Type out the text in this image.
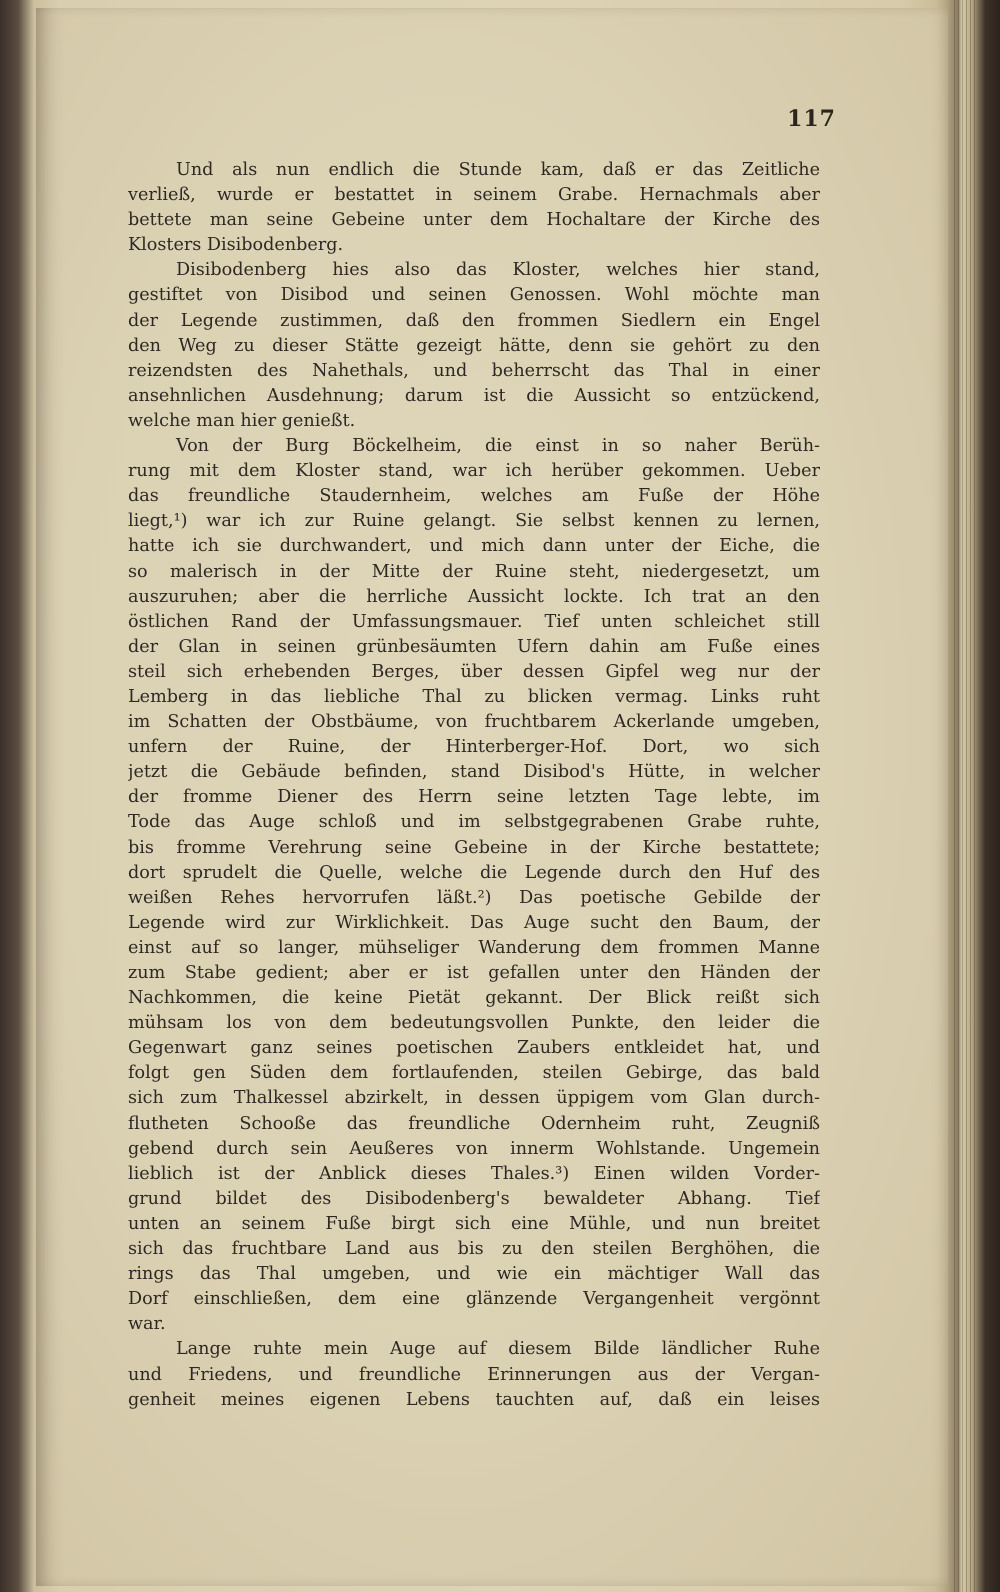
117
Und als nun endlich die Stunde kam, daß er das Zeitliche
verließ, wurde er bestattet in seinem Grabe. Hernachmals aber
bettete man seine Gebeine unter dem Hochaltare der Kirche des
Klosters Disibodenberg.
Disibodenberg hies also das Kloster, welches hier stand,
gestiftet von Disibod und seinen Genossen. Wohl möchte man
der Legende zustimmen, daß den frommen Siedlern ein Engel
den Weg zu dieser Stätte gezeigt hätte, denn sie gehört zu den
reizendsten des Nahethals, und beherrscht das Thal in einer
ansehnlichen Ausdehnung; darum ist die Aussicht so entzückend,
welche man hier genießt.
Von der Burg Böckelheim, die einst in so naher Berüh-
rung mit dem Kloster stand, war ich herüber gekommen. Ueber
das freundliche Staudernheim, welches am Fuße der Höhe
liegt,¹) war ich zur Ruine gelangt. Sie selbst kennen zu lernen,
hatte ich sie durchwandert, und mich dann unter der Eiche, die
so malerisch in der Mitte der Ruine steht, niedergesetzt, um
auszuruhen; aber die herrliche Aussicht lockte. Ich trat an den
östlichen Rand der Umfassungsmauer. Tief unten schleichet still
der Glan in seinen grünbesäumten Ufern dahin am Fuße eines
steil sich erhebenden Berges, über dessen Gipfel weg nur der
Lemberg in das liebliche Thal zu blicken vermag. Links ruht
im Schatten der Obstbäume, von fruchtbarem Ackerlande umgeben,
unfern der Ruine, der Hinterberger-Hof. Dort, wo sich
jetzt die Gebäude befinden, stand Disibod's Hütte, in welcher
der fromme Diener des Herrn seine letzten Tage lebte, im
Tode das Auge schloß und im selbstgegrabenen Grabe ruhte,
bis fromme Verehrung seine Gebeine in der Kirche bestattete;
dort sprudelt die Quelle, welche die Legende durch den Huf des
weißen Rehes hervorrufen läßt.²) Das poetische Gebilde der
Legende wird zur Wirklichkeit. Das Auge sucht den Baum, der
einst auf so langer, mühseliger Wanderung dem frommen Manne
zum Stabe gedient; aber er ist gefallen unter den Händen der
Nachkommen, die keine Pietät gekannt. Der Blick reißt sich
mühsam los von dem bedeutungsvollen Punkte, den leider die
Gegenwart ganz seines poetischen Zaubers entkleidet hat, und
folgt gen Süden dem fortlaufenden, steilen Gebirge, das bald
sich zum Thalkessel abzirkelt, in dessen üppigem vom Glan durch-
flutheten Schooße das freundliche Odernheim ruht, Zeugniß
gebend durch sein Aeußeres von innerm Wohlstande. Ungemein
lieblich ist der Anblick dieses Thales.³) Einen wilden Vorder-
grund bildet des Disibodenberg's bewaldeter Abhang. Tief
unten an seinem Fuße birgt sich eine Mühle, und nun breitet
sich das fruchtbare Land aus bis zu den steilen Berghöhen, die
rings das Thal umgeben, und wie ein mächtiger Wall das
Dorf einschließen, dem eine glänzende Vergangenheit vergönnt
war.
Lange ruhte mein Auge auf diesem Bilde ländlicher Ruhe
und Friedens, und freundliche Erinnerungen aus der Vergan-
genheit meines eigenen Lebens tauchten auf, daß ein leises
